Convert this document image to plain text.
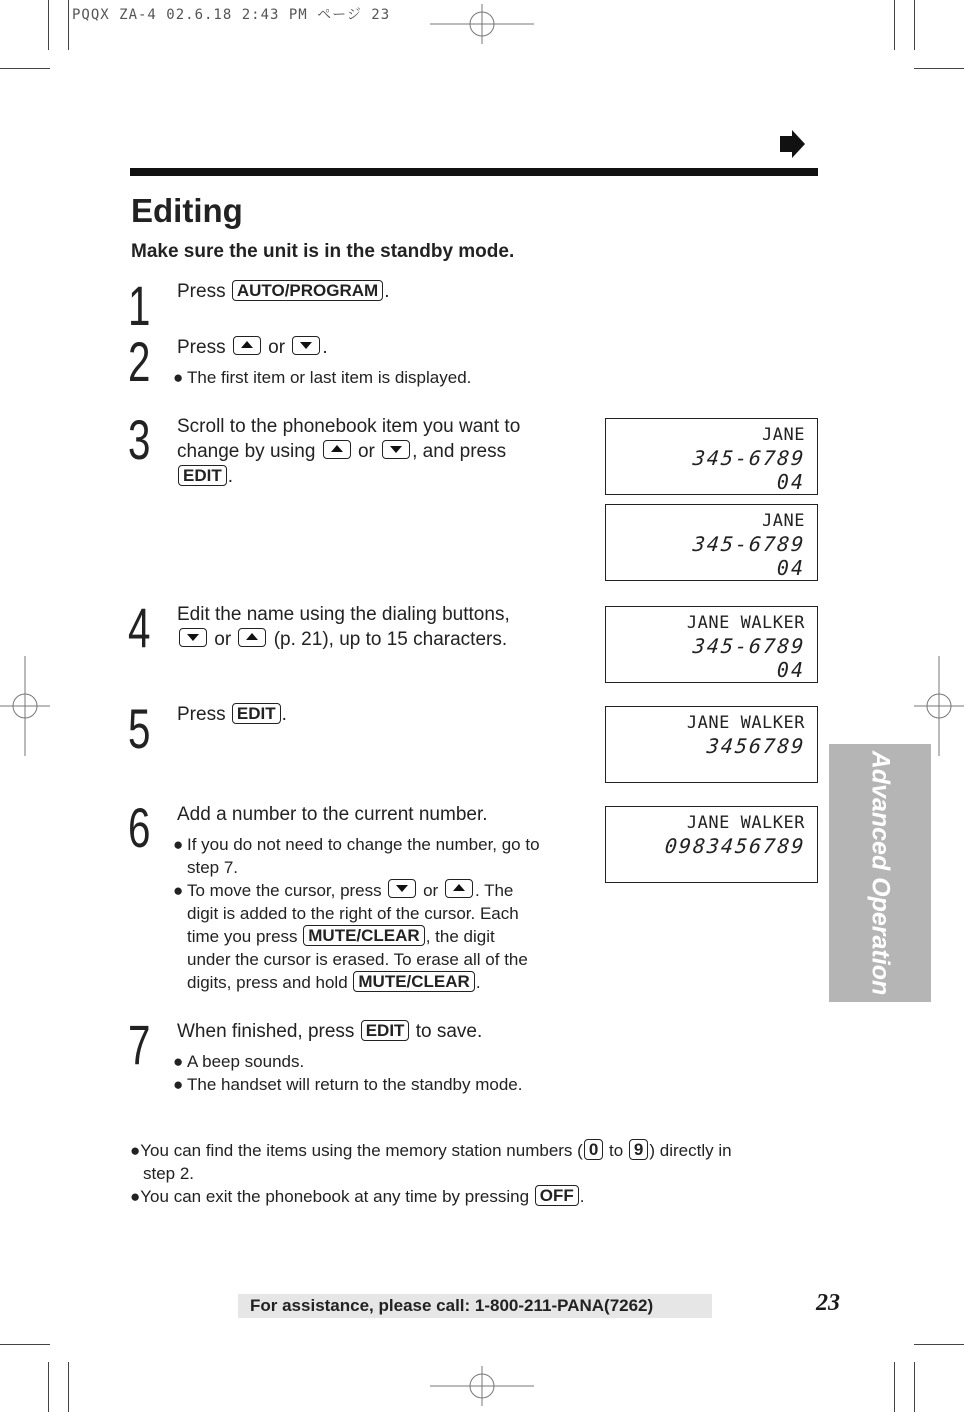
PQQX ZA-4 02.6.18 2:43 PM ページ 23
Editing
Make sure the unit is in the standby mode.
1 Press AUTO/PROGRAM .
2 Press
or
.
● The first item or last item is displayed.
3 Scroll to the phonebook item you want to
change by using
or
, and press
EDIT .
4 Edit the name using the dialing buttons,

or
(p. 21), up to 15 characters.
5 Press EDIT .
6 Add a number to the current number.
● If you do not need to change the number, go to
step 7.
● To move the cursor, press
or
. The
digit is added to the right of the cursor. Each
time you press MUTE/CLEAR , the digit
under the cursor is erased. To erase all of the
digits, press and hold MUTE/CLEAR .
7 When finished, press EDIT to save.
● A beep sounds.
● The handset will return to the standby mode.
JANE
345-6789
04
JANE
345-6789
04
JANE WALKER
345-6789
04
JANE WALKER
3456789
JANE WALKER
0983456789 Advanced Operation
●You can find the items using the memory station numbers ( 0 to 9 ) directly in
step 2.
●You can exit the phonebook at any time by pressing OFF .
For assistance, please call: 1-800-211-PANA(7262)	23
